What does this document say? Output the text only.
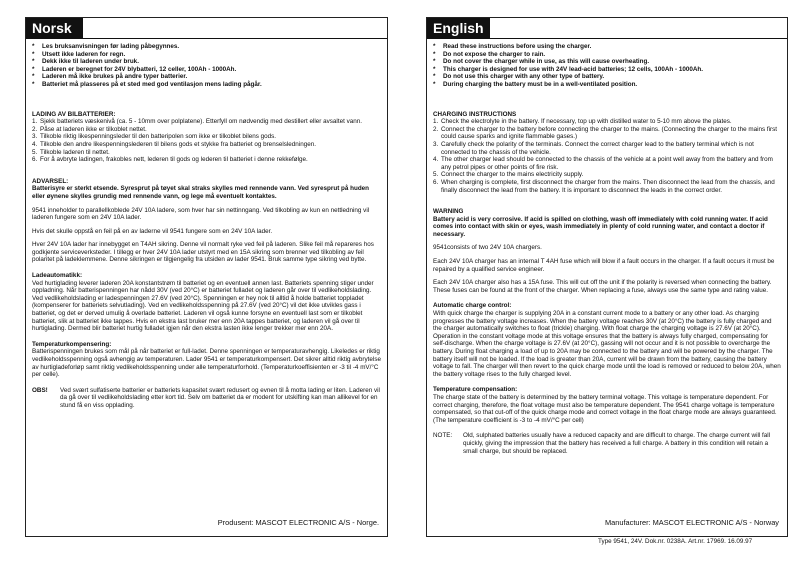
Norsk
* Les bruksanvisningen før lading påbegynnes.
* Utsett ikke laderen for regn.
* Dekk ikke til laderen under bruk.
* Laderen er beregnet for 24V blybatteri, 12 celler, 100Ah - 1000Ah.
* Laderen må ikke brukes på andre typer batterier.
* Batteriet må plasseres på et sted med god ventilasjon mens lading pågår.
LADING AV BILBATTERIER:
1. Sjekk batteriets væskenivå (ca. 5 - 10mm over polplatene). Etterfyll om nødvendig med destillert eller avsaltet vann.
2. Påse at laderen ikke er tilkoblet nettet.
3. Tilkoble riktig likespenningsleder til den batteripolen som ikke er tilkoblet bilens gods.
4. Tilkoble den andre likespenningslederen til bilens gods et stykke fra batteriet og brenselsledningen.
5. Tilkoble laderen til nettet.
6. For å avbryte ladingen, frakobles nett, lederen til gods og lederen til batteriet i denne rekkefølge.
ADVARSEL:
Batterisyre er sterkt etsende. Syresprut på tøyet skal straks skylles med rennende vann. Ved syresprut på huden eller øynene skylles grundig med rennende vann, og lege må eventuelt kontaktes.
9541 inneholder to parallellkoblede 24V 10A ladere, som hver har sin nettinngang. Ved tilkobling av kun en nettledning vil laderen fungere som en 24V 10A lader.
Hvis det skulle oppstå en feil på en av laderne vil 9541 fungere som en 24V 10A lader.
Hver 24V 10A lader har innebygget en T4AH sikring. Denne vil normalt ryke ved feil på laderen. Slike feil må repareres hos godkjente serviceverksteder. I tillegg er hver 24V 10A lader utstyrt med en 15A sikring som brenner ved tilkobling av feil polaritet på ladeklemmene. Denne sikringen er tilgjengelig fra utsiden av lader 9541. Bruk samme type sikring ved bytte.
Ladeautomatikk:
Ved hurtiglading leverer laderen 20A konstantstrøm til batteriet og en eventuell annen last. Batteriets spenning stiger under oppladning. Når batterispenningen har nådd 30V (ved 20°C) er batteriet fulladet og laderen går over til vedlikeholdslading. Ved vedlikeholdslading er ladespenningen 27.6V (ved 20°C). Spenningen er hey nok til alltid å holde batteriet toppladet (kompenserer for batteriets selvutlading). Ved en vedlikeholdsspenning på 27.6V (ved 20°C) vil det ikke utvikles gass i batteriet, og det er derved umulig å overlade batteriet. Laderen vil også kunne forsyne en eventuell last som er tilkoblet batteriet, slik at batteriet ikke tappes. Hvis en ekstra last bruker mer enn 20A tappes batteriet, og laderen vil gå over til hurtiglading. Dermed blir batteriet hurtig fulladet igjen når den ekstra lasten ikke lenger trekker mer enn 20A.
Temperaturkompensering:
Batterispenningen brukes som mål på når batteriet er full-ladet. Denne spenningen er temperaturavhengig. Likeledes er riktig vedlikeholdsspenning også avhengig av temperaturen. Lader 9541 er temperaturkompensert. Det sikrer alltid riktig avbrytelse av hurtigladeforløp samt riktig vedlikeholdsspenning under alle temperaturforhold. (Temperaturkoeffisienten er -3 til -4 mV/°C per celle).
OBS!	Ved svært sulfatiserte batterier er batteriets kapasitet svært redusert og evnen til å motta lading er liten. Laderen vil da gå over til vedlikeholdslading etter kort tid. Selv om batteriet da er modent for utskifting kan man allikevel for en stund få en viss opplading.
Produsent: MASCOT ELECTRONIC A/S - Norge.
English
* Read these instructions before using the charger.
* Do not expose the charger to rain.
* Do not cover the charger while in use, as this will cause overheating.
* This charger is designed for use with 24V lead-acid batteries; 12 cells, 100Ah - 1000Ah.
* Do not use this charger with any other type of battery.
* During charging the battery must be in a well-ventilated position.
CHARGING INSTRUCTIONS
1. Check the electrolyte in the battery. If necessary, top up with distilled water to 5-10 mm above the plates.
2. Connect the charger to the battery before connecting the charger to the mains. (Connecting the charger to the mains first could cause sparks and ignite flammable gases.)
3. Carefully check the polarity of the terminals. Connect the correct charger lead to the battery terminal which is not connected to the chassis of the vehicle.
4. The other charger lead should be connected to the chassis of the vehicle at a point well away from the battery and from any petrol pipes or other points of fire risk.
5. Connect the charger to the mains electricity supply.
6. When charging is complete, first disconnect the charger from the mains. Then disconnect the lead from the chassis, and finally disconnect the lead from the battery. It is important to disconnect the leads in the correct order.
WARNING
Battery acid is very corrosive. If acid is spilled on clothing, wash off immediately with cold running water. If acid comes into contact with skin or eyes, wash immediately in plenty of cold running water, and contact a doctor if necessary.
9541consists of two 24V 10A chargers.
Each 24V 10A charger has an internal T 4AH fuse which will blow if a fault occurs in the charger. If a fault occurs it must be repaired by a qualified service engineer.
Each 24V 10A charger also has a 15A fuse. This will cut off the unit if the polarity is reversed when connecting the battery. These fuses can be found at the front of the charger. When replacing a fuse, always use the same type and rating value.
Automatic charge control:
With quick charge the charger is supplying 20A in a constant current mode to a battery or any other load. As charging progresses the battery voltage increases. When the battery voltage reaches 30V (at 20°C) the battery is fully charged and the charger automatically switches to float (trickle) charging. With float charge the charging voltage is 27.6V (at 20°C). Operation in the constant voltage mode at this voltage ensures that the battery is always fully charged, compensating for self-discharge. When the charge voltage is 27.6V (at 20°C), gassing will not occur and it is not possible to overcharge the battery. During float charging a load of up to 20A may be connected to the battery and will be powered by the charger. The battery itself will not be loaded. If the load is greater than 20A, current will be drawn from the battery, causing the battery voltage to fall. The charger will then revert to the quick charge mode until the load is removed or reduced to below 20A, when the battery voltage rises to the fully charged level.
Temperature compensation:
The charge state of the battery is determined by the battery terminal voltage. This voltage is temperature dependent. For correct charging, therefore, the float voltage must also be temperature dependent. The 9541 charge voltage is temperature compensated, so that cut-off of the quick charge mode and correct voltage in the float charge mode are always guaranteed. (The temperature coefficient is -3 to -4 mV/°C per cell)
NOTE:	Old, sulphated batteries usually have a reduced capacity and are difficult to charge. The charge current will fall quickly, giving the impression that the battery has received a full charge. A battery in this condition will retain a small charge, but should be replaced.
Manufacturer: MASCOT ELECTRONIC A/S - Norway
Type 9541, 24V. Dok.nr. 0238A. Art.nr. 17969. 16.09.97
